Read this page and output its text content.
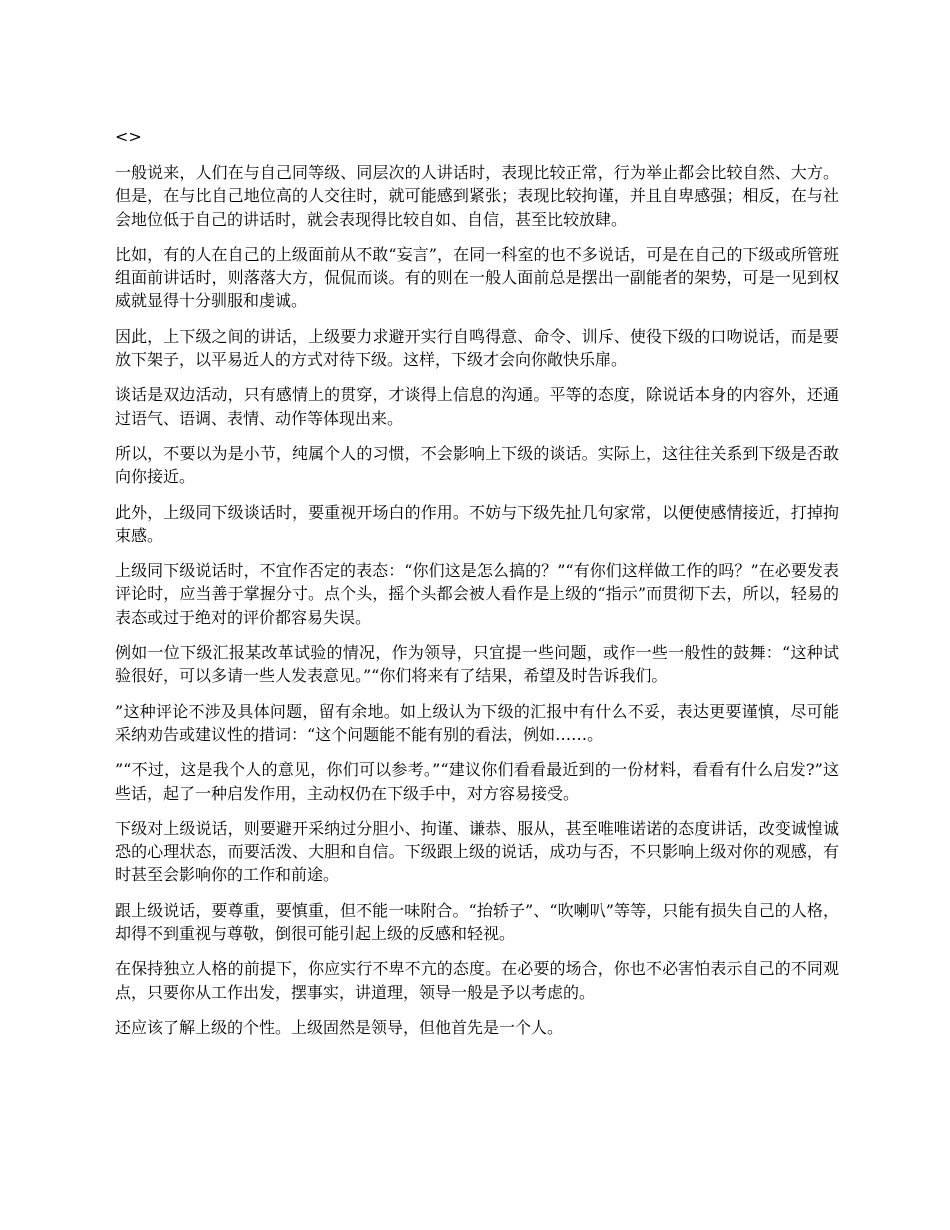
<>

一般说来，人们在与自己同等级、同层次的人讲话时，表现比较正常，行为举止都会比较自然、大方。但是，在与比自己地位高的人交往时，就可能感到紧张；表现比较拘谨，并且自卑感强；相反，在与社会地位低于自己的讲话时，就会表现得比较自如、自信，甚至比较放肆。

比如，有的人在自己的上级面前从不敢“妄言”，在同一科室的也不多说话，可是在自己的下级或所管班组面前讲话时，则落落大方，侃侃而谈。有的则在一般人面前总是摆出一副能者的架势，可是一见到权威就显得十分驯服和虔诚。

因此，上下级之间的讲话，上级要力求避开实行自鸣得意、命令、训斥、使役下级的口吻说话，而是要放下架子，以平易近人的方式对待下级。这样，下级才会向你敞快乐扉。

谈话是双边活动，只有感情上的贯穿，才谈得上信息的沟通。平等的态度，除说话本身的内容外，还通过语气、语调、表情、动作等体现出来。

所以，不要以为是小节，纯属个人的习惯，不会影响上下级的谈话。实际上，这往往关系到下级是否敢向你接近。

此外，上级同下级谈话时，要重视开场白的作用。不妨与下级先扯几句家常，以便使感情接近，打掉拘束感。

上级同下级说话时，不宜作否定的表态：“你们这是怎么搞的？”“有你们这样做工作的吗？”在必要发表评论时，应当善于掌握分寸。点个头，摇个头都会被人看作是上级的“指示”而贯彻下去，所以，轻易的表态或过于绝对的评价都容易失误。

例如一位下级汇报某改革试验的情况，作为领导，只宜提一些问题，或作一些一般性的鼓舞：“这种试验很好，可以多请一些人发表意见。”“你们将来有了结果，希望及时告诉我们。

”这种评论不涉及具体问题，留有余地。如上级认为下级的汇报中有什么不妥，表达更要谨慎，尽可能采纳劝告或建议性的措词：“这个问题能不能有别的看法，例如……。

”“不过，这是我个人的意见，你们可以参考。”“建议你们看看最近到的一份材料，看看有什么启发?”这些话，起了一种启发作用，主动权仍在下级手中，对方容易接受。

下级对上级说话，则要避开采纳过分胆小、拘谨、谦恭、服从，甚至唯唯诺诺的态度讲话，改变诚惶诚恐的心理状态，而要活泼、大胆和自信。下级跟上级的说话，成功与否，不只影响上级对你的观感，有时甚至会影响你的工作和前途。

跟上级说话，要尊重，要慎重，但不能一味附合。“抬轿子”、“吹喇叭”等等，只能有损失自己的人格，却得不到重视与尊敬，倒很可能引起上级的反感和轻视。

在保持独立人格的前提下，你应实行不卑不亢的态度。在必要的场合，你也不必害怕表示自己的不同观点，只要你从工作出发，摆事实，讲道理，领导一般是予以考虑的。

还应该了解上级的个性。上级固然是领导，但他首先是一个人。
